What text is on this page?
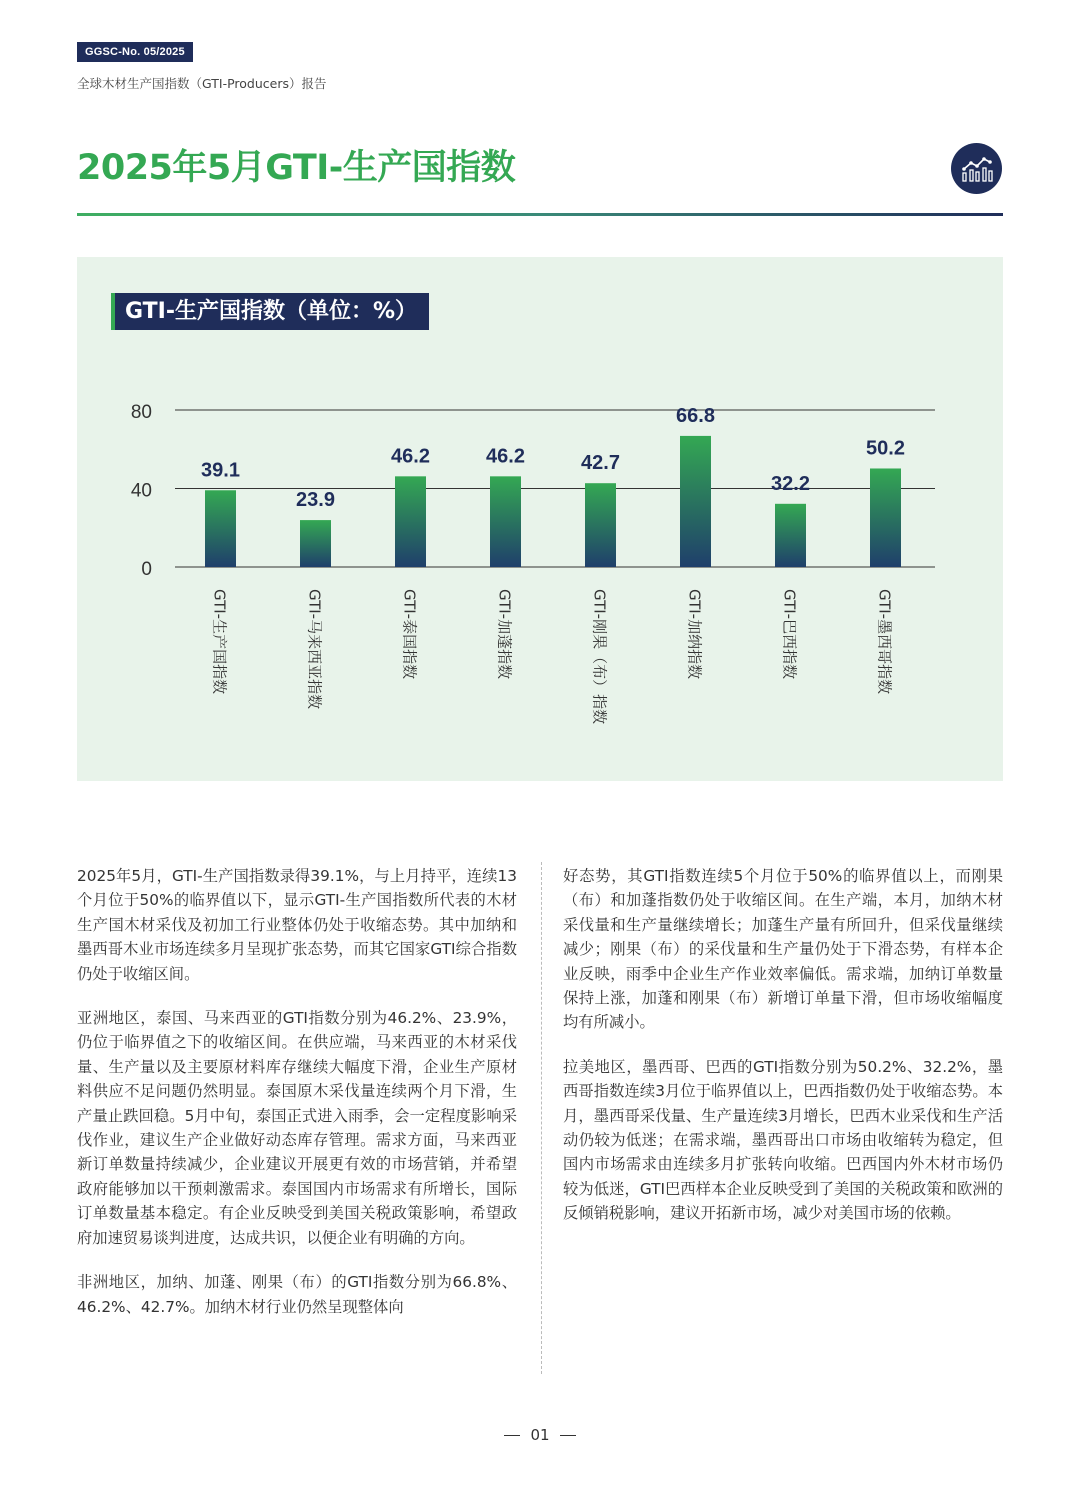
GGSC-No. 05/2025
全球木材生产国指数（GTI-Producers）报告
2025年5月GTI-生产国指数
GTI-生产国指数（单位：%）
0
40
80
39.1
GTI-生产国指数
23.9
GTI-马来西亚指数
46.2
GTI-泰国指数
46.2
GTI-加蓬指数
42.7
GTI-刚果（布）指数
66.8
GTI-加纳指数
32.2
GTI-巴西指数
50.2
GTI-墨西哥指数

2025年5月，GTI-生产国指数录得39.1%，与上月持平，连续13个月位于50%的临界值以下，显示GTI-生产国指数所代表的木材生产国木材采伐及初加工行业整体仍处于收缩态势。其中加纳和墨西哥木业市场连续多月呈现扩张态势，而其它国家GTI综合指数仍处于收缩区间。

亚洲地区，泰国、马来西亚的GTI指数分别为46.2%、23.9%，仍位于临界值之下的收缩区间。在供应端，马来西亚的木材采伐量、生产量以及主要原材料库存继续大幅度下滑，企业生产原材料供应不足问题仍然明显。泰国原木采伐量连续两个月下滑，生产量止跌回稳。5月中旬，泰国正式进入雨季，会一定程度影响采伐作业，建议生产企业做好动态库存管理。需求方面，马来西亚新订单数量持续减少，企业建议开展更有效的市场营销，并希望政府能够加以干预刺激需求。泰国国内市场需求有所增长，国际订单数量基本稳定。有企业反映受到美国关税政策影响，希望政府加速贸易谈判进度，达成共识，以便企业有明确的方向。

非洲地区，加纳、加蓬、刚果（布）的GTI指数分别为66.8%、46.2%、42.7%。加纳木材行业仍然呈现整体向

好态势，其GTI指数连续5个月位于50%的临界值以上，而刚果（布）和加蓬指数仍处于收缩区间。在生产端，本月，加纳木材采伐量和生产量继续增长；加蓬生产量有所回升，但采伐量继续减少；刚果（布）的采伐量和生产量仍处于下滑态势，有样本企业反映，雨季中企业生产作业效率偏低。需求端，加纳订单数量保持上涨，加蓬和刚果（布）新增订单量下滑，但市场收缩幅度均有所减小。

拉美地区，墨西哥、巴西的GTI指数分别为50.2%、32.2%，墨西哥指数连续3月位于临界值以上，巴西指数仍处于收缩态势。本月，墨西哥采伐量、生产量连续3月增长，巴西木业采伐和生产活动仍较为低迷；在需求端，墨西哥出口市场由收缩转为稳定，但国内市场需求由连续多月扩张转向收缩。巴西国内外木材市场仍较为低迷，GTI巴西样本企业反映受到了美国的关税政策和欧洲的反倾销税影响，建议开拓新市场，减少对美国市场的依赖。

01
